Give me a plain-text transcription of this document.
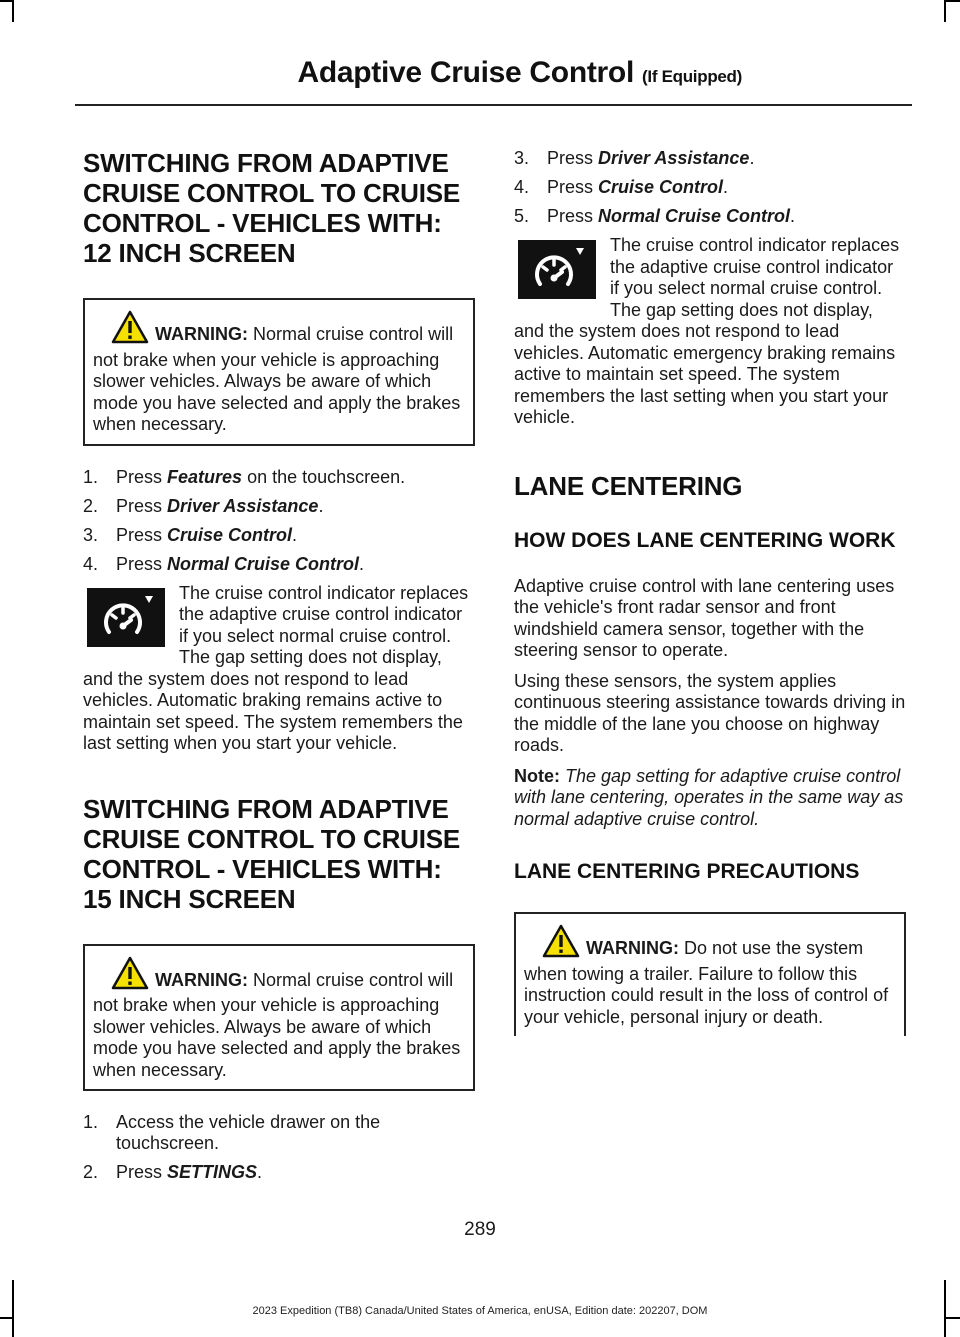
Adaptive Cruise Control (If Equipped)
SWITCHING FROM ADAPTIVE
CRUISE CONTROL TO CRUISE
CONTROL - VEHICLES WITH:
12 INCH SCREEN
WARNING: Normal cruise control will not brake when your vehicle is approaching slower vehicles. Always be aware of which mode you have selected and apply the brakes when necessary.
1. Press Features on the touchscreen.
2. Press Driver Assistance.
3. Press Cruise Control.
4. Press Normal Cruise Control.
The cruise control indicator replaces the adaptive cruise control indicator if you select normal cruise control. The gap setting does not display, and the system does not respond to lead vehicles. Automatic braking remains active to maintain set speed. The system remembers the last setting when you start your vehicle.
SWITCHING FROM ADAPTIVE
CRUISE CONTROL TO CRUISE
CONTROL - VEHICLES WITH:
15 INCH SCREEN
WARNING: Normal cruise control will not brake when your vehicle is approaching slower vehicles. Always be aware of which mode you have selected and apply the brakes when necessary.
1. Access the vehicle drawer on the touchscreen.
2. Press SETTINGS.
3. Press Driver Assistance.
4. Press Cruise Control.
5. Press Normal Cruise Control.
The cruise control indicator replaces the adaptive cruise control indicator if you select normal cruise control. The gap setting does not display, and the system does not respond to lead vehicles. Automatic emergency braking remains active to maintain set speed. The system remembers the last setting when you start your vehicle.
LANE CENTERING
HOW DOES LANE CENTERING WORK

Adaptive cruise control with lane centering uses the vehicle's front radar sensor and front windshield camera sensor, together with the steering sensor to operate.

Using these sensors, the system applies continuous steering assistance towards driving in the middle of the lane you choose on highway roads.

Note: The gap setting for adaptive cruise control with lane centering, operates in the same way as normal adaptive cruise control.

LANE CENTERING PRECAUTIONS
WARNING: Do not use the system when towing a trailer. Failure to follow this instruction could result in the loss of control of your vehicle, personal injury or death.
289
2023 Expedition (TB8) Canada/United States of America, enUSA, Edition date: 202207, DOM
